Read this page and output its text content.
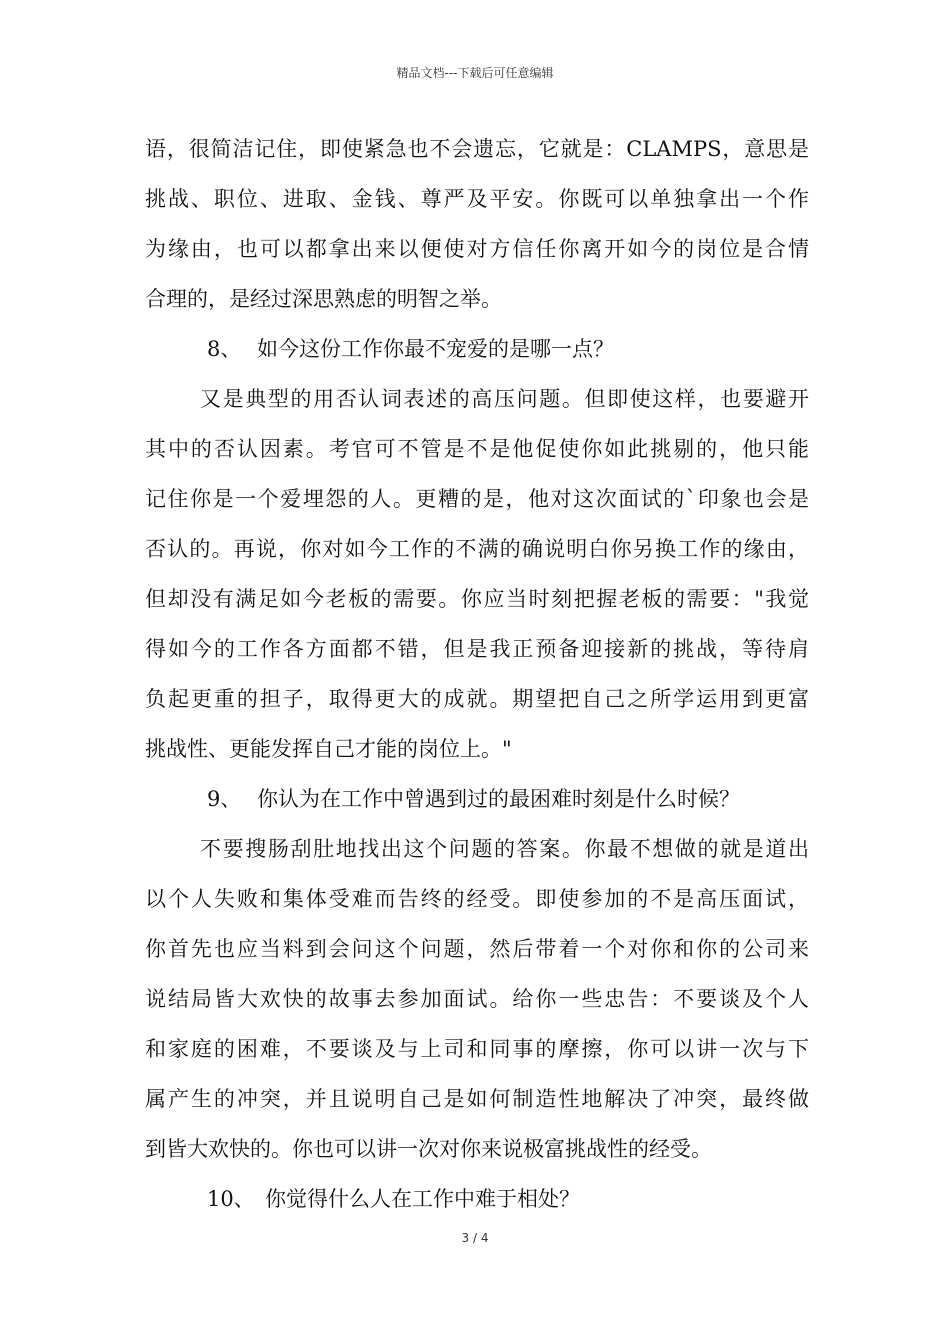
精品文档---下载后可任意编辑
语，很简洁记住，即使紧急也不会遗忘，它就是：CLAMPS，意思是
挑战、职位、进取、金钱、尊严及平安。你既可以单独拿出一个作
为缘由，也可以都拿出来以便使对方信任你离开如今的岗位是合情
合理的，是经过深思熟虑的明智之举。
8、 如今这份工作你最不宠爱的是哪一点？
又是典型的用否认词表述的高压问题。但即使这样，也要避开
其中的否认因素。考官可不管是不是他促使你如此挑剔的，他只能
记住你是一个爱埋怨的人。更糟的是，他对这次面试的`印象也会是
否认的。再说，你对如今工作的不满的确说明白你另换工作的缘由，
但却没有满足如今老板的需要。你应当时刻把握老板的需要："我觉
得如今的工作各方面都不错，但是我正预备迎接新的挑战，等待肩
负起更重的担子，取得更大的成就。期望把自己之所学运用到更富
挑战性、更能发挥自己才能的岗位上。"
9、 你认为在工作中曾遇到过的最困难时刻是什么时候？
不要搜肠刮肚地找出这个问题的答案。你最不想做的就是道出
以个人失败和集体受难而告终的经受。即使参加的不是高压面试，
你首先也应当料到会问这个问题，然后带着一个对你和你的公司来
说结局皆大欢快的故事去参加面试。给你一些忠告：不要谈及个人
和家庭的困难，不要谈及与上司和同事的摩擦，你可以讲一次与下
属产生的冲突，并且说明自己是如何制造性地解决了冲突，最终做
到皆大欢快的。你也可以讲一次对你来说极富挑战性的经受。
10、 你觉得什么人在工作中难于相处？
3 / 4
